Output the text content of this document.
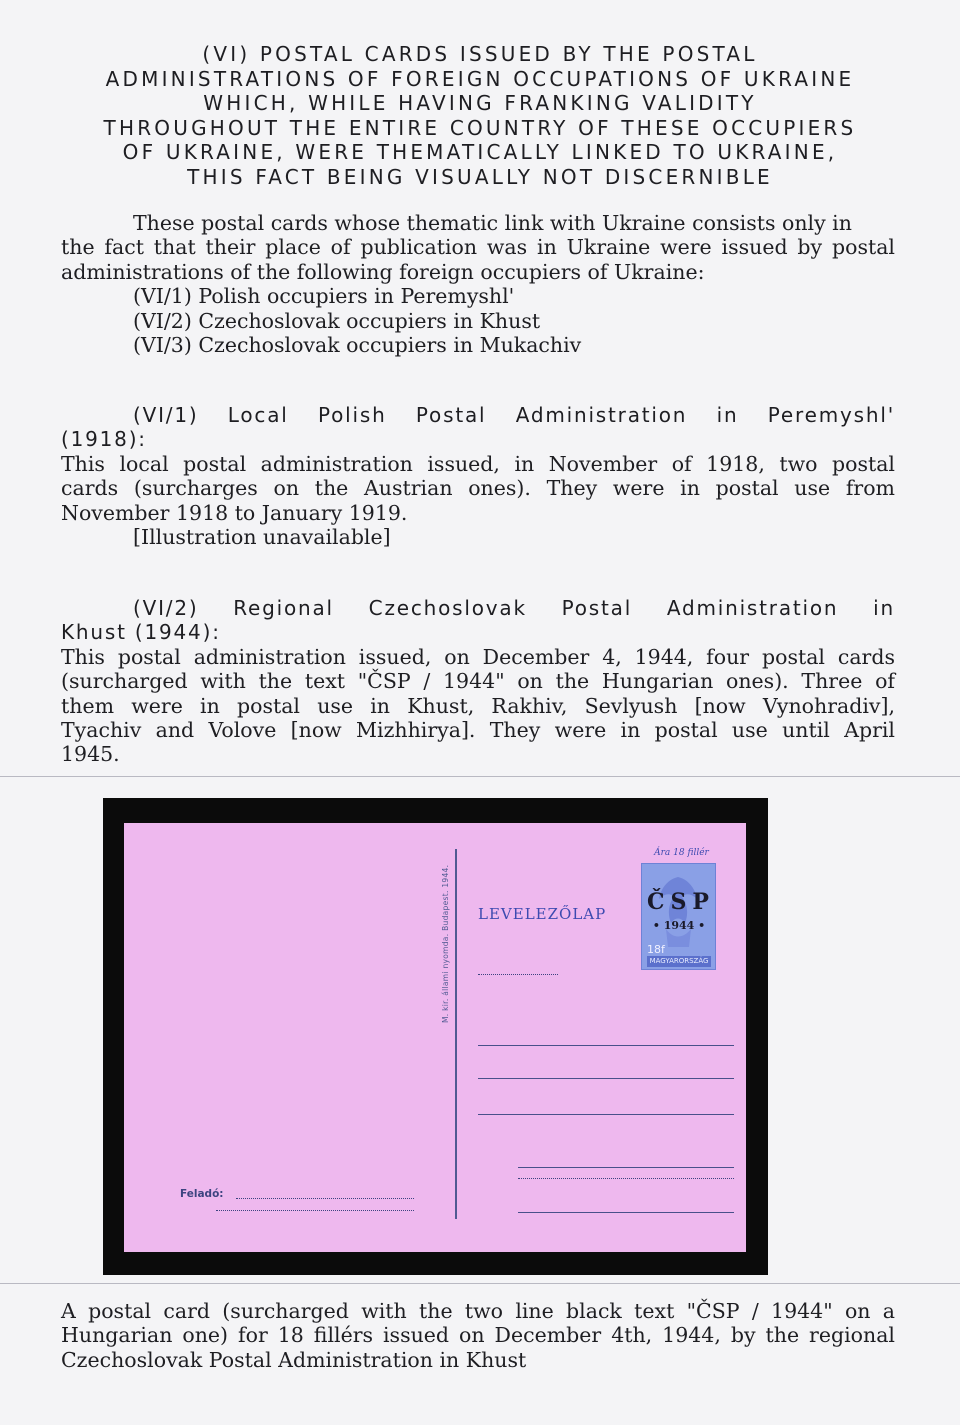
(VI) POSTAL CARDS ISSUED BY THE POSTAL
ADMINISTRATIONS OF FOREIGN OCCUPATIONS OF UKRAINE
WHICH, WHILE HAVING FRANKING VALIDITY
THROUGHOUT THE ENTIRE COUNTRY OF THESE OCCUPIERS
OF UKRAINE, WERE THEMATICALLY LINKED TO UKRAINE,
THIS FACT BEING VISUALLY NOT DISCERNIBLE
These postal cards whose thematic link with Ukraine consists only in
the fact that their place of publication was in Ukraine were issued by postal
administrations of the following foreign occupiers of Ukraine:
(VI/1) Polish occupiers in Peremyshl'
(VI/2) Czechoslovak occupiers in Khust
(VI/3) Czechoslovak occupiers in Mukachiv
(VI/1) Local Polish Postal Administration in Peremyshl'
(1918):
This local postal administration issued, in November of 1918, two postal
cards (surcharges on the Austrian ones). They were in postal use from
November 1918 to January 1919.
[Illustration unavailable]
(VI/2) Regional Czechoslovak Postal Administration in
Khust (1944):
This postal administration issued, on December 4, 1944, four postal cards
(surcharged with the text "ČSP / 1944" on the Hungarian ones). Three of
them were in postal use in Khust, Rakhiv, Sevlyush [now Vynohradiv],
Tyachiv and Volove [now Mizhhirya]. They were in postal use until April
1945.
M. kir. állami nyomda. Budapest. 1944. LEVELEZŐLAP
Feladó:
Ára 18 fillér
ČSP
• 1944 •
18f
MAGYARORSZÁG
A postal card (surcharged with the two line black text "ČSP / 1944" on a
Hungarian one) for 18 fillérs issued on December 4th, 1944, by the regional
Czechoslovak Postal Administration in Khust
